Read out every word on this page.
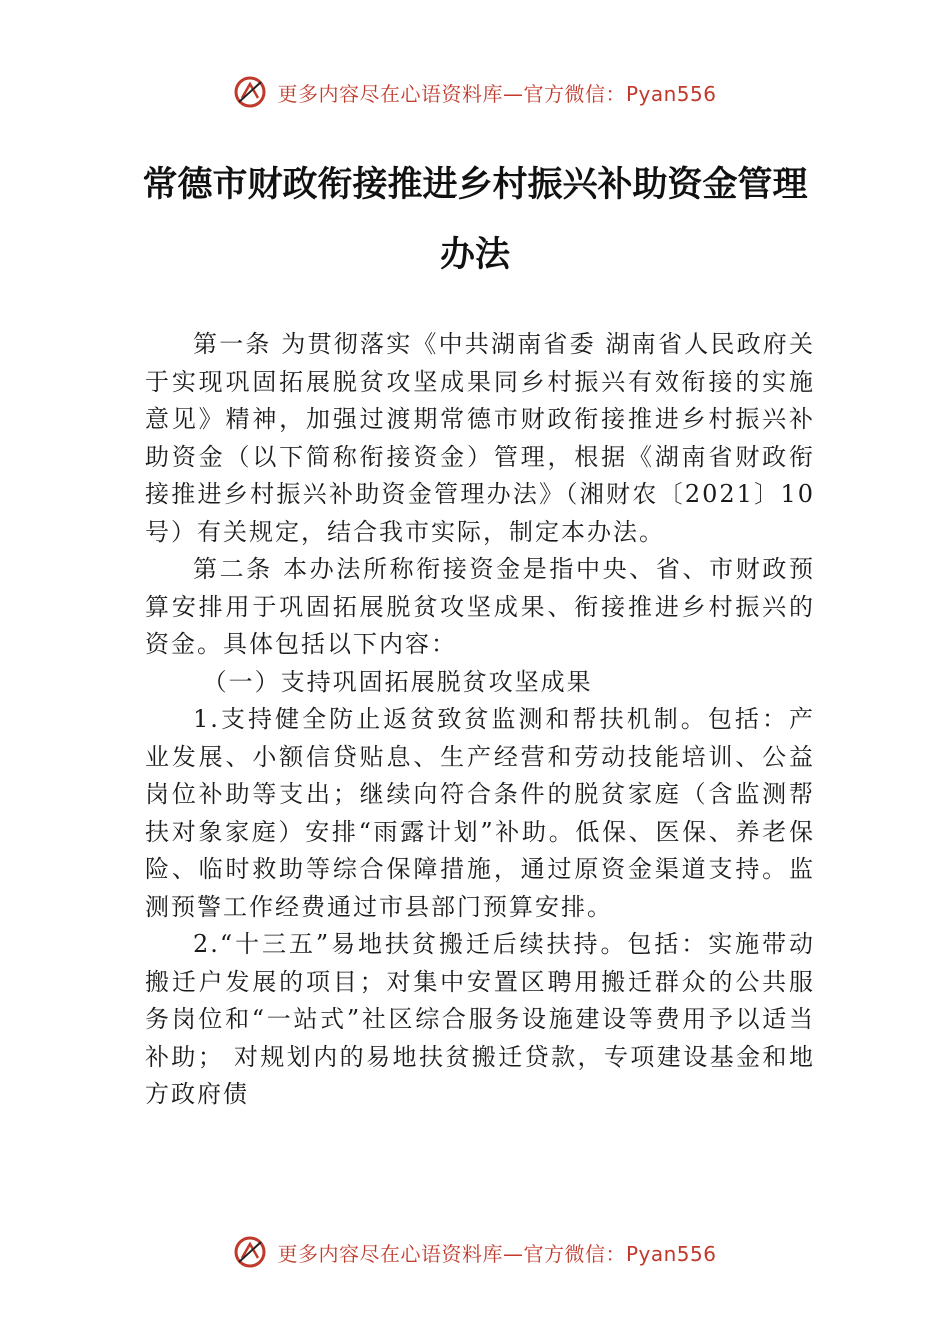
更多内容尽在心语资料库—官方微信：Pyan556
常德市财政衔接推进乡村振兴补助资金管理办法

第一条 为贯彻落实《中共湖南省委 湖南省人民政府关于实现巩固拓展脱贫攻坚成果同乡村振兴有效衔接的实施意见》精神，加强过渡期常德市财政衔接推进乡村振兴补助资金（以下简称衔接资金）管理，根据《湖南省财政衔接推进乡村振兴补助资金管理办法》（湘财农〔2021〕10 号）有关规定，结合我市实际，制定本办法。

第二条 本办法所称衔接资金是指中央、省、市财政预算安排用于巩固拓展脱贫攻坚成果、衔接推进乡村振兴的资金。具体包括以下内容：

（一）支持巩固拓展脱贫攻坚成果

1.支持健全防止返贫致贫监测和帮扶机制。包括：产业发展、小额信贷贴息、生产经营和劳动技能培训、公益岗位补助等支出；继续向符合条件的脱贫家庭（含监测帮扶对象家庭）安排“雨露计划”补助。低保、医保、养老保险、临时救助等综合保障措施，通过原资金渠道支持。监测预警工作经费通过市县部门预算安排。

2.“十三五”易地扶贫搬迁后续扶持。包括：实施带动搬迁户发展的项目；对集中安置区聘用搬迁群众的公共服务岗位和“一站式”社区综合服务设施建设等费用予以适当补助； 对规划内的易地扶贫搬迁贷款，专项建设基金和地方政府债

更多内容尽在心语资料库—官方微信：Pyan556
